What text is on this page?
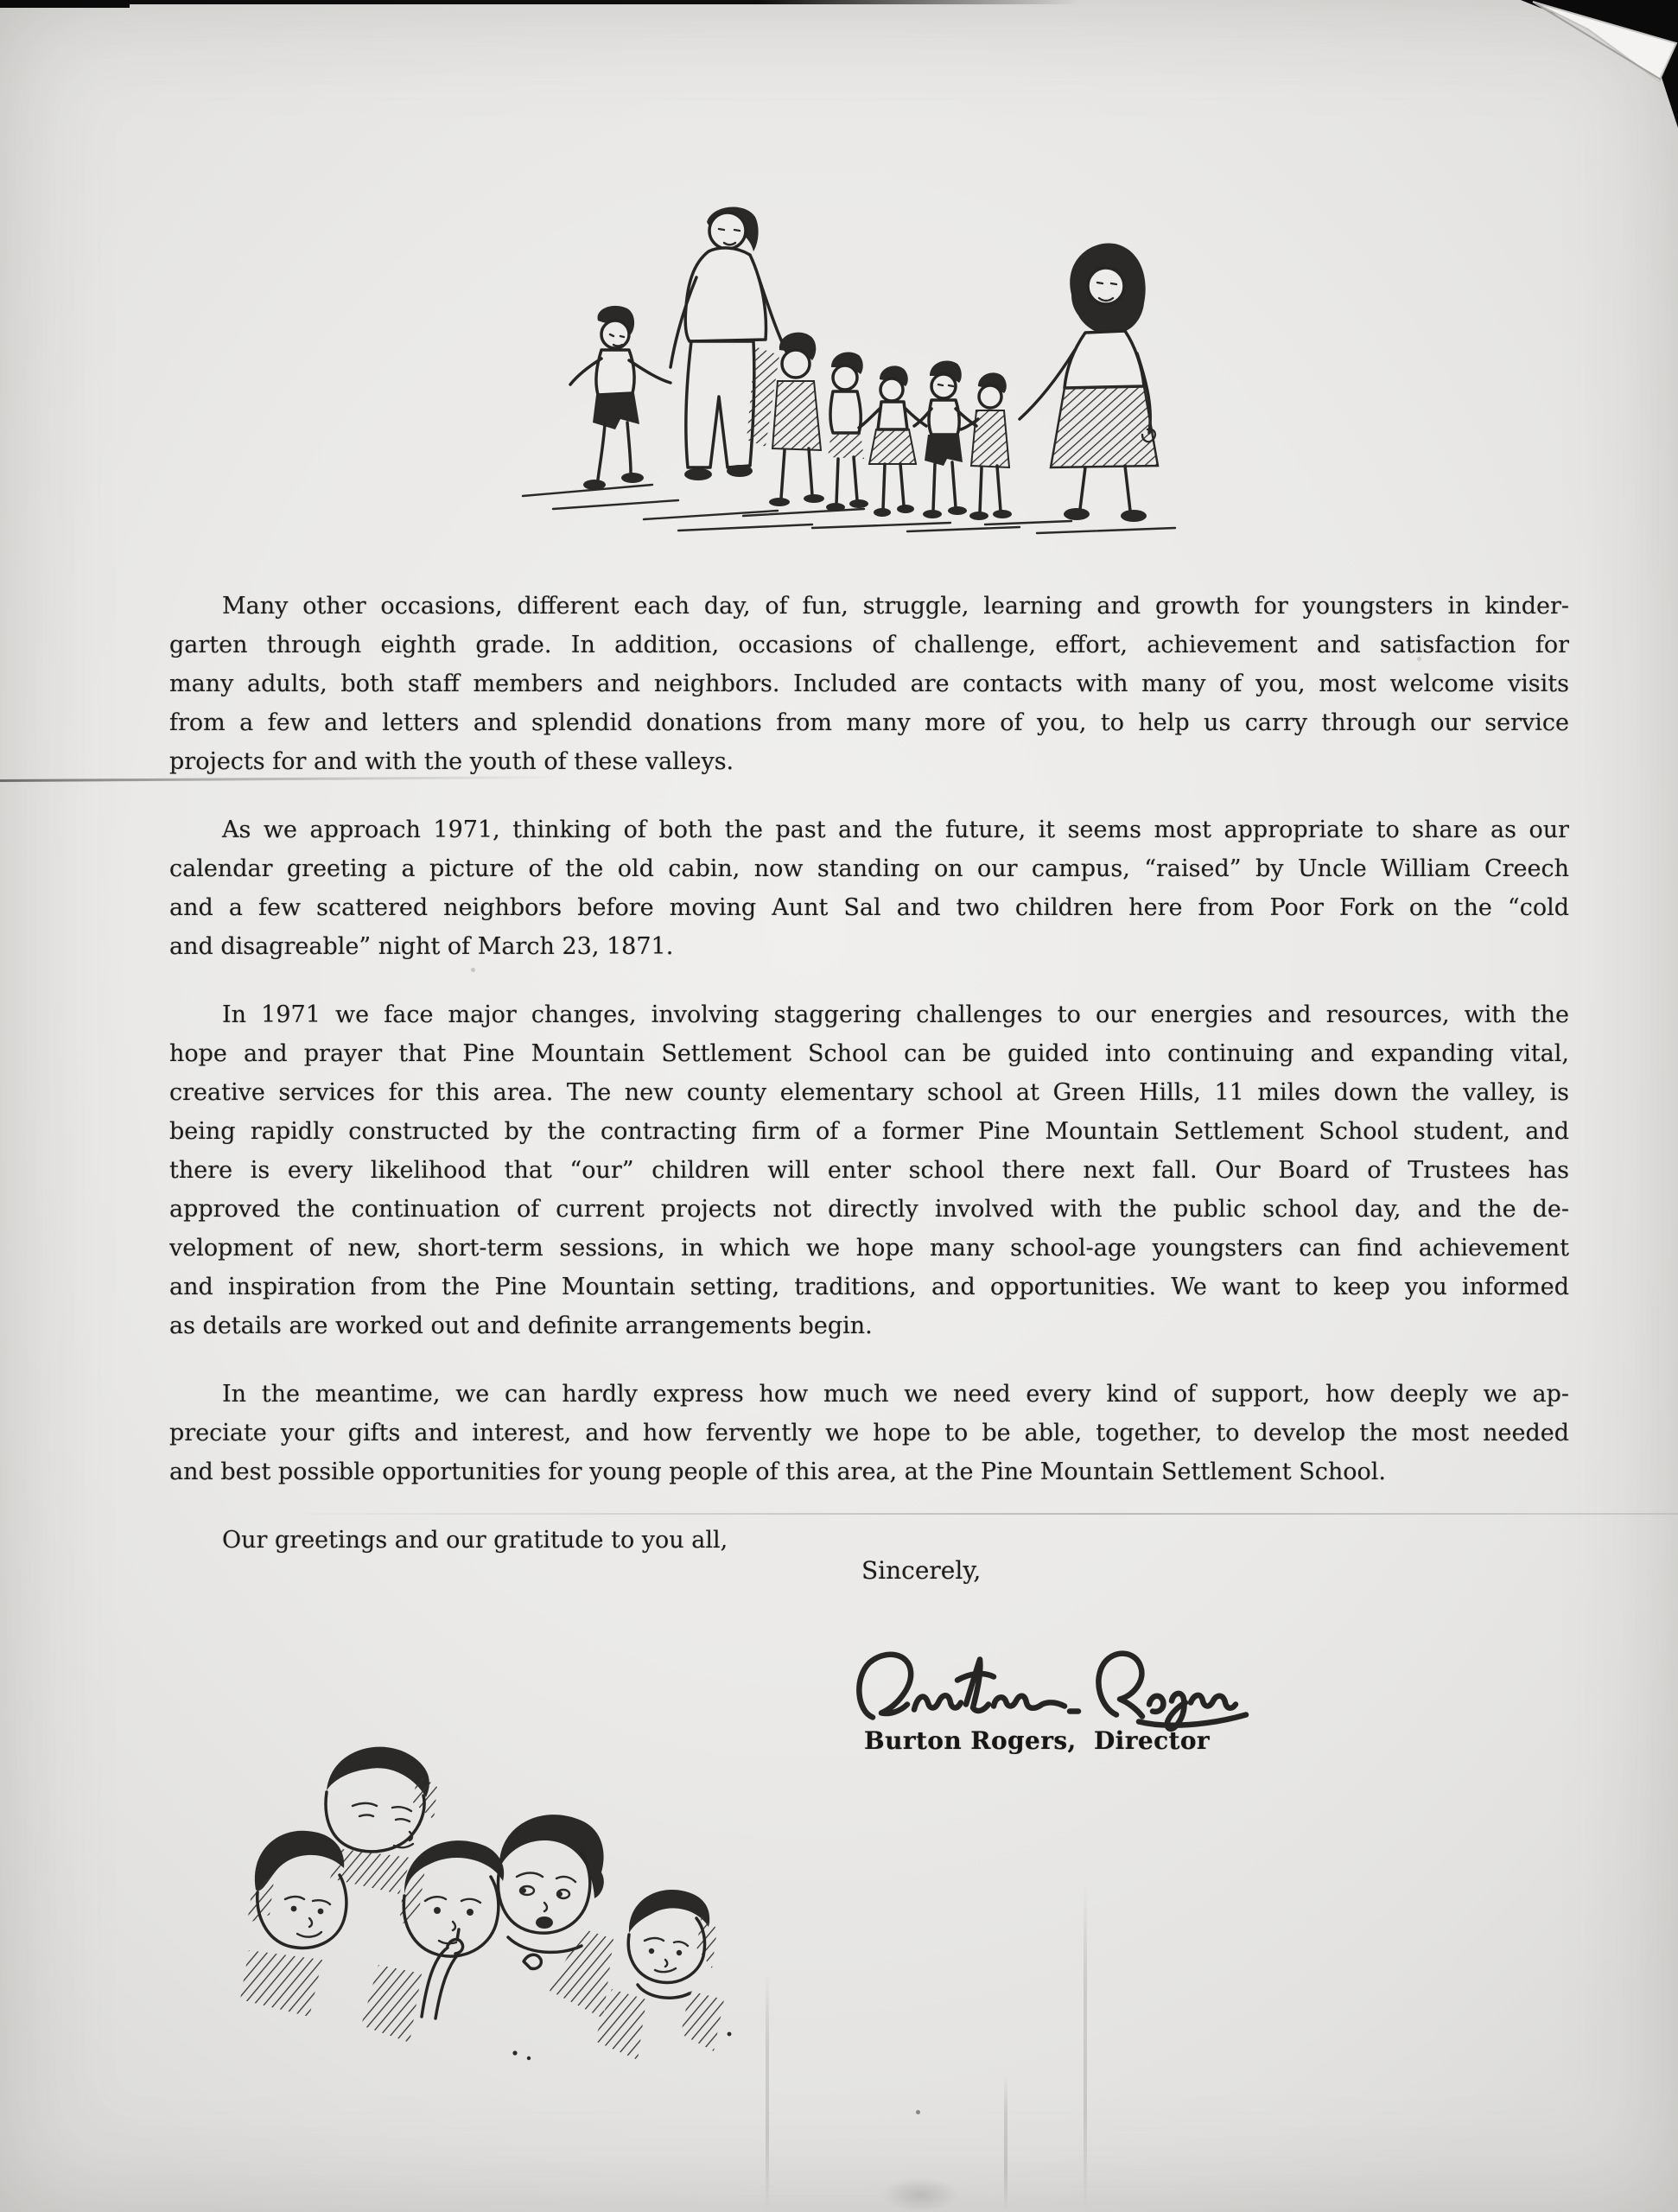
Many other occasions, different each day, of fun, struggle, learning and growth for youngsters in kinder-
garten through eighth grade. In addition, occasions of challenge, effort, achievement and satisfaction for
many adults, both staff members and neighbors. Included are contacts with many of you, most welcome visits
from a few and letters and splendid donations from many more of you, to help us carry through our service
projects for and with the youth of these valleys.
As we approach 1971, thinking of both the past and the future, it seems most appropriate to share as our
calendar greeting a picture of the old cabin, now standing on our campus, “raised” by Uncle William Creech
and a few scattered neighbors before moving Aunt Sal and two children here from Poor Fork on the “cold
and disagreable” night of March 23, 1871.
In 1971 we face major changes, involving staggering challenges to our energies and resources, with the
hope and prayer that Pine Mountain Settlement School can be guided into continuing and expanding vital,
creative services for this area. The new county elementary school at Green Hills, 11 miles down the valley, is
being rapidly constructed by the contracting firm of a former Pine Mountain Settlement School student, and
there is every likelihood that “our” children will enter school there next fall. Our Board of Trustees has
approved the continuation of current projects not directly involved with the public school day, and the de-
velopment of new, short-term sessions, in which we hope many school-age youngsters can find achievement
and inspiration from the Pine Mountain setting, traditions, and opportunities. We want to keep you informed
as details are worked out and definite arrangements begin.
In the meantime, we can hardly express how much we need every kind of support, how deeply we ap-
preciate your gifts and interest, and how fervently we hope to be able, together, to develop the most needed
and best possible opportunities for young people of this area, at the Pine Mountain Settlement School.
Our greetings and our gratitude to you all,
Sincerely,
Burton Rogers,  Director
